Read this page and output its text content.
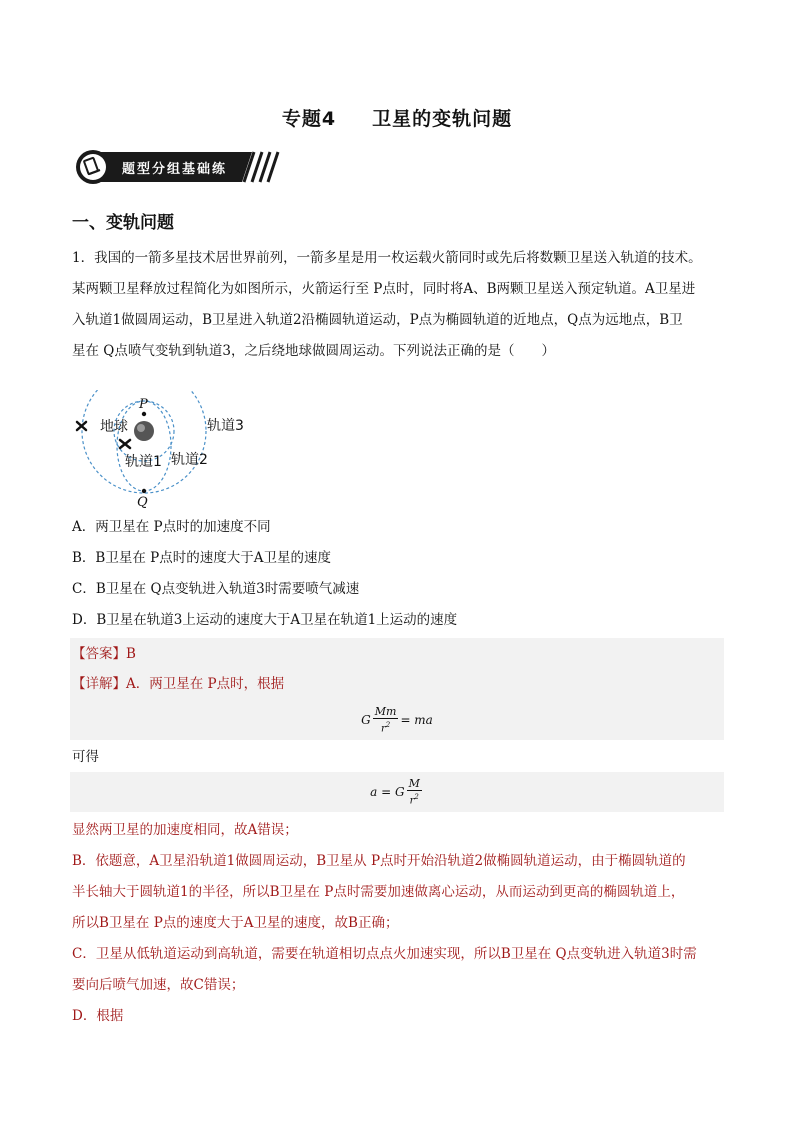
专题4 卫星的变轨问题
题型分组基础练
一、变轨问题
1．我国的一箭多星技术居世界前列，一箭多星是用一枚运载火箭同时或先后将数颗卫星送入轨道的技术。
某两颗卫星释放过程简化为如图所示，火箭运行至 P点时，同时将A、B两颗卫星送入预定轨道。A卫星进
入轨道1做圆周运动，B卫星进入轨道2沿椭圆轨道运动，P点为椭圆轨道的近地点，Q点为远地点，B卫
星在 Q点喷气变轨到轨道3，之后绕地球做圆周运动。下列说法正确的是（　　）
P
Q
地球
轨道1 轨道2
轨道3
A．两卫星在 P点时的加速度不同
B．B卫星在 P点时的速度大于A卫星的速度
C．B卫星在 Q点变轨进入轨道3时需要喷气减速
D．B卫星在轨道3上运动的速度大于A卫星在轨道1上运动的速度
【答案】B
【详解】A．两卫星在 P点时，根据
G $\frac{Mm}{r^2}$ = ma
可得
a = G $\frac{M}{r^2}$
显然两卫星的加速度相同，故A错误；
B．依题意，A卫星沿轨道1做圆周运动，B卫星从 P点时开始沿轨道2做椭圆轨道运动，由于椭圆轨道的
半长轴大于圆轨道1的半径，所以B卫星在 P点时需要加速做离心运动，从而运动到更高的椭圆轨道上，
所以B卫星在 P点的速度大于A卫星的速度，故B正确；
C．卫星从低轨道运动到高轨道，需要在轨道相切点点火加速实现，所以B卫星在 Q点变轨进入轨道3时需
要向后喷气加速，故C错误；
D．根据
